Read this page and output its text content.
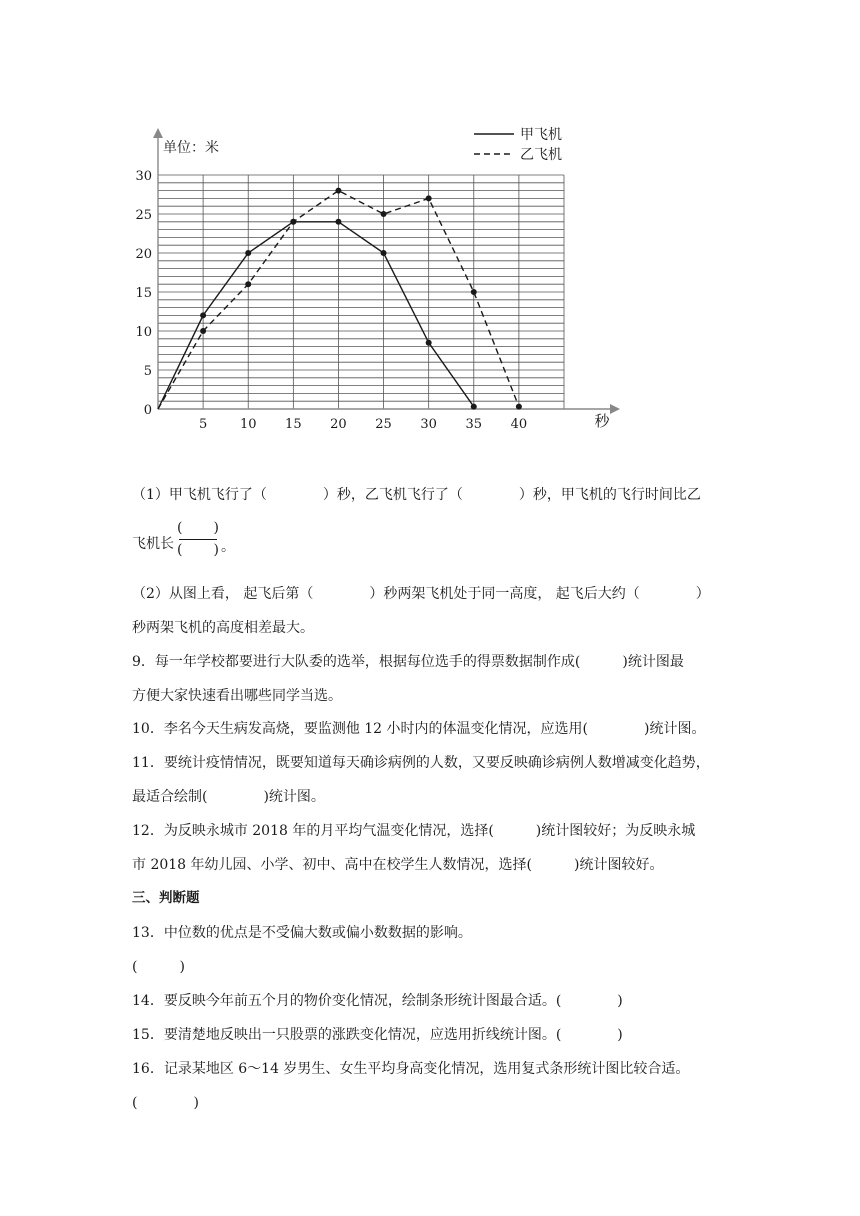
0
5
10
15
20
25
30
5	10 15 20 25 30 35 40
单位：米
秒
甲飞机
乙飞机
（1）甲飞机飞行了（　　　　）秒，乙飞机飞行了（　　　　）秒，甲飞机的飞行时间比乙
飞机长
( )
( ) 。
（2）从图上看， 起飞后第（　　　　）秒两架飞机处于同一高度， 起飞后大约（　　　　）
秒两架飞机的高度相差最大。
9．每一年学校都要进行大队委的选举，根据每位选手的得票数据制作成(　　　)统计图最
方便大家快速看出哪些同学当选。
10．李名今天生病发高烧，要监测他 12 小时内的体温变化情况，应选用(　　　　)统计图。
11．要统计疫情情况，既要知道每天确诊病例的人数，又要反映确诊病例人数增减变化趋势，
最适合绘制(　　　　)统计图。
12．为反映永城市 2018 年的月平均气温变化情况，选择(　　　)统计图较好；为反映永城
市 2018 年幼儿园、小学、初中、高中在校学生人数情况，选择(　　　)统计图较好。
三、判断题
13．中位数的优点是不受偏大数或偏小数数据的影响。
(　　　)
14．要反映今年前五个月的物价变化情况，绘制条形统计图最合适。(　　　　)
15．要清楚地反映出一只股票的涨跌变化情况，应选用折线统计图。(　　　　)
16．记录某地区 6～14 岁男生、女生平均身高变化情况，选用复式条形统计图比较合适。
(　　　　)
